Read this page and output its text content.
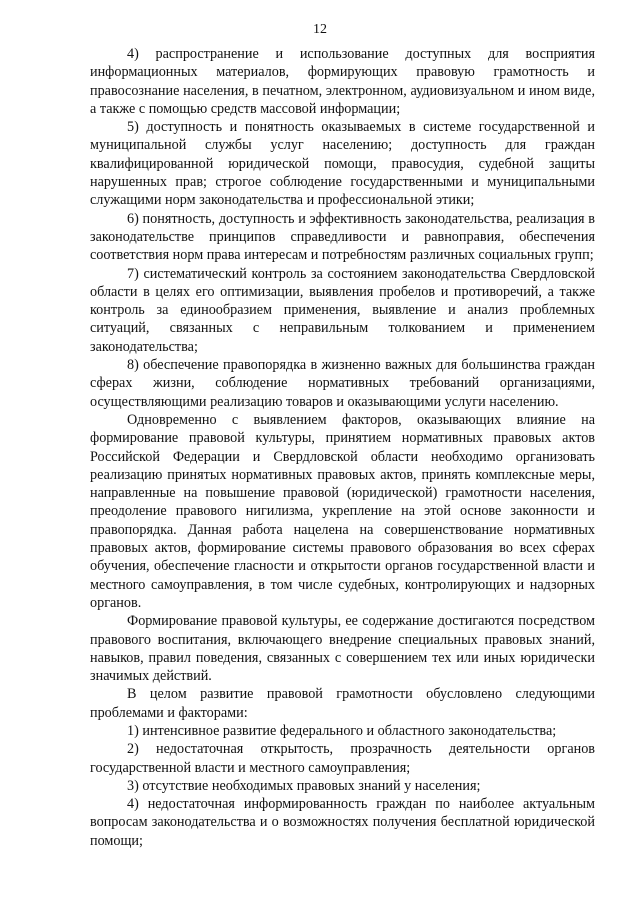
12

4) распространение и использование доступных для восприятия информационных материалов, формирующих правовую грамотность и правосознание населения, в печатном, электронном, аудиовизуальном и ином виде, а также с помощью средств массовой информации;

5) доступность и понятность оказываемых в системе государственной и муниципальной службы услуг населению; доступность для граждан квалифицированной юридической помощи, правосудия, судебной защиты нарушенных прав; строгое соблюдение государственными и муниципальными служащими норм законодательства и профессиональной этики;

6) понятность, доступность и эффективность законодательства, реализация в законодательстве принципов справедливости и равноправия, обеспечения соответствия норм права интересам и потребностям различных социальных групп;

7) систематический контроль за состоянием законодательства Свердловской области в целях его оптимизации, выявления пробелов и противоречий, а также контроль за единообразием применения, выявление и анализ проблемных ситуаций, связанных с неправильным толкованием и применением законодательства;

8) обеспечение правопорядка в жизненно важных для большинства граждан сферах жизни, соблюдение нормативных требований организациями, осуществляющими реализацию товаров и оказывающими услуги населению.

Одновременно с выявлением факторов, оказывающих влияние на формирование правовой культуры, принятием нормативных правовых актов Российской Федерации и Свердловской области необходимо организовать реализацию принятых нормативных правовых актов, принять комплексные меры, направленные на повышение правовой (юридической) грамотности населения, преодоление правового нигилизма, укрепление на этой основе законности и правопорядка. Данная работа нацелена на совершенствование нормативных правовых актов, формирование системы правового образования во всех сферах обучения, обеспечение гласности и открытости органов государственной власти и местного самоуправления, в том числе судебных, контролирующих и надзорных органов.

Формирование правовой культуры, ее содержание достигаются посредством правового воспитания, включающего внедрение специальных правовых знаний, навыков, правил поведения, связанных с совершением тех или иных юридически значимых действий.

В целом развитие правовой грамотности обусловлено следующими проблемами и факторами:

1) интенсивное развитие федерального и областного законодательства;

2) недостаточная открытость, прозрачность деятельности органов государственной власти и местного самоуправления;

3) отсутствие необходимых правовых знаний у населения;

4) недостаточная информированность граждан по наиболее актуальным вопросам законодательства и о возможностях получения бесплатной юридической помощи;
